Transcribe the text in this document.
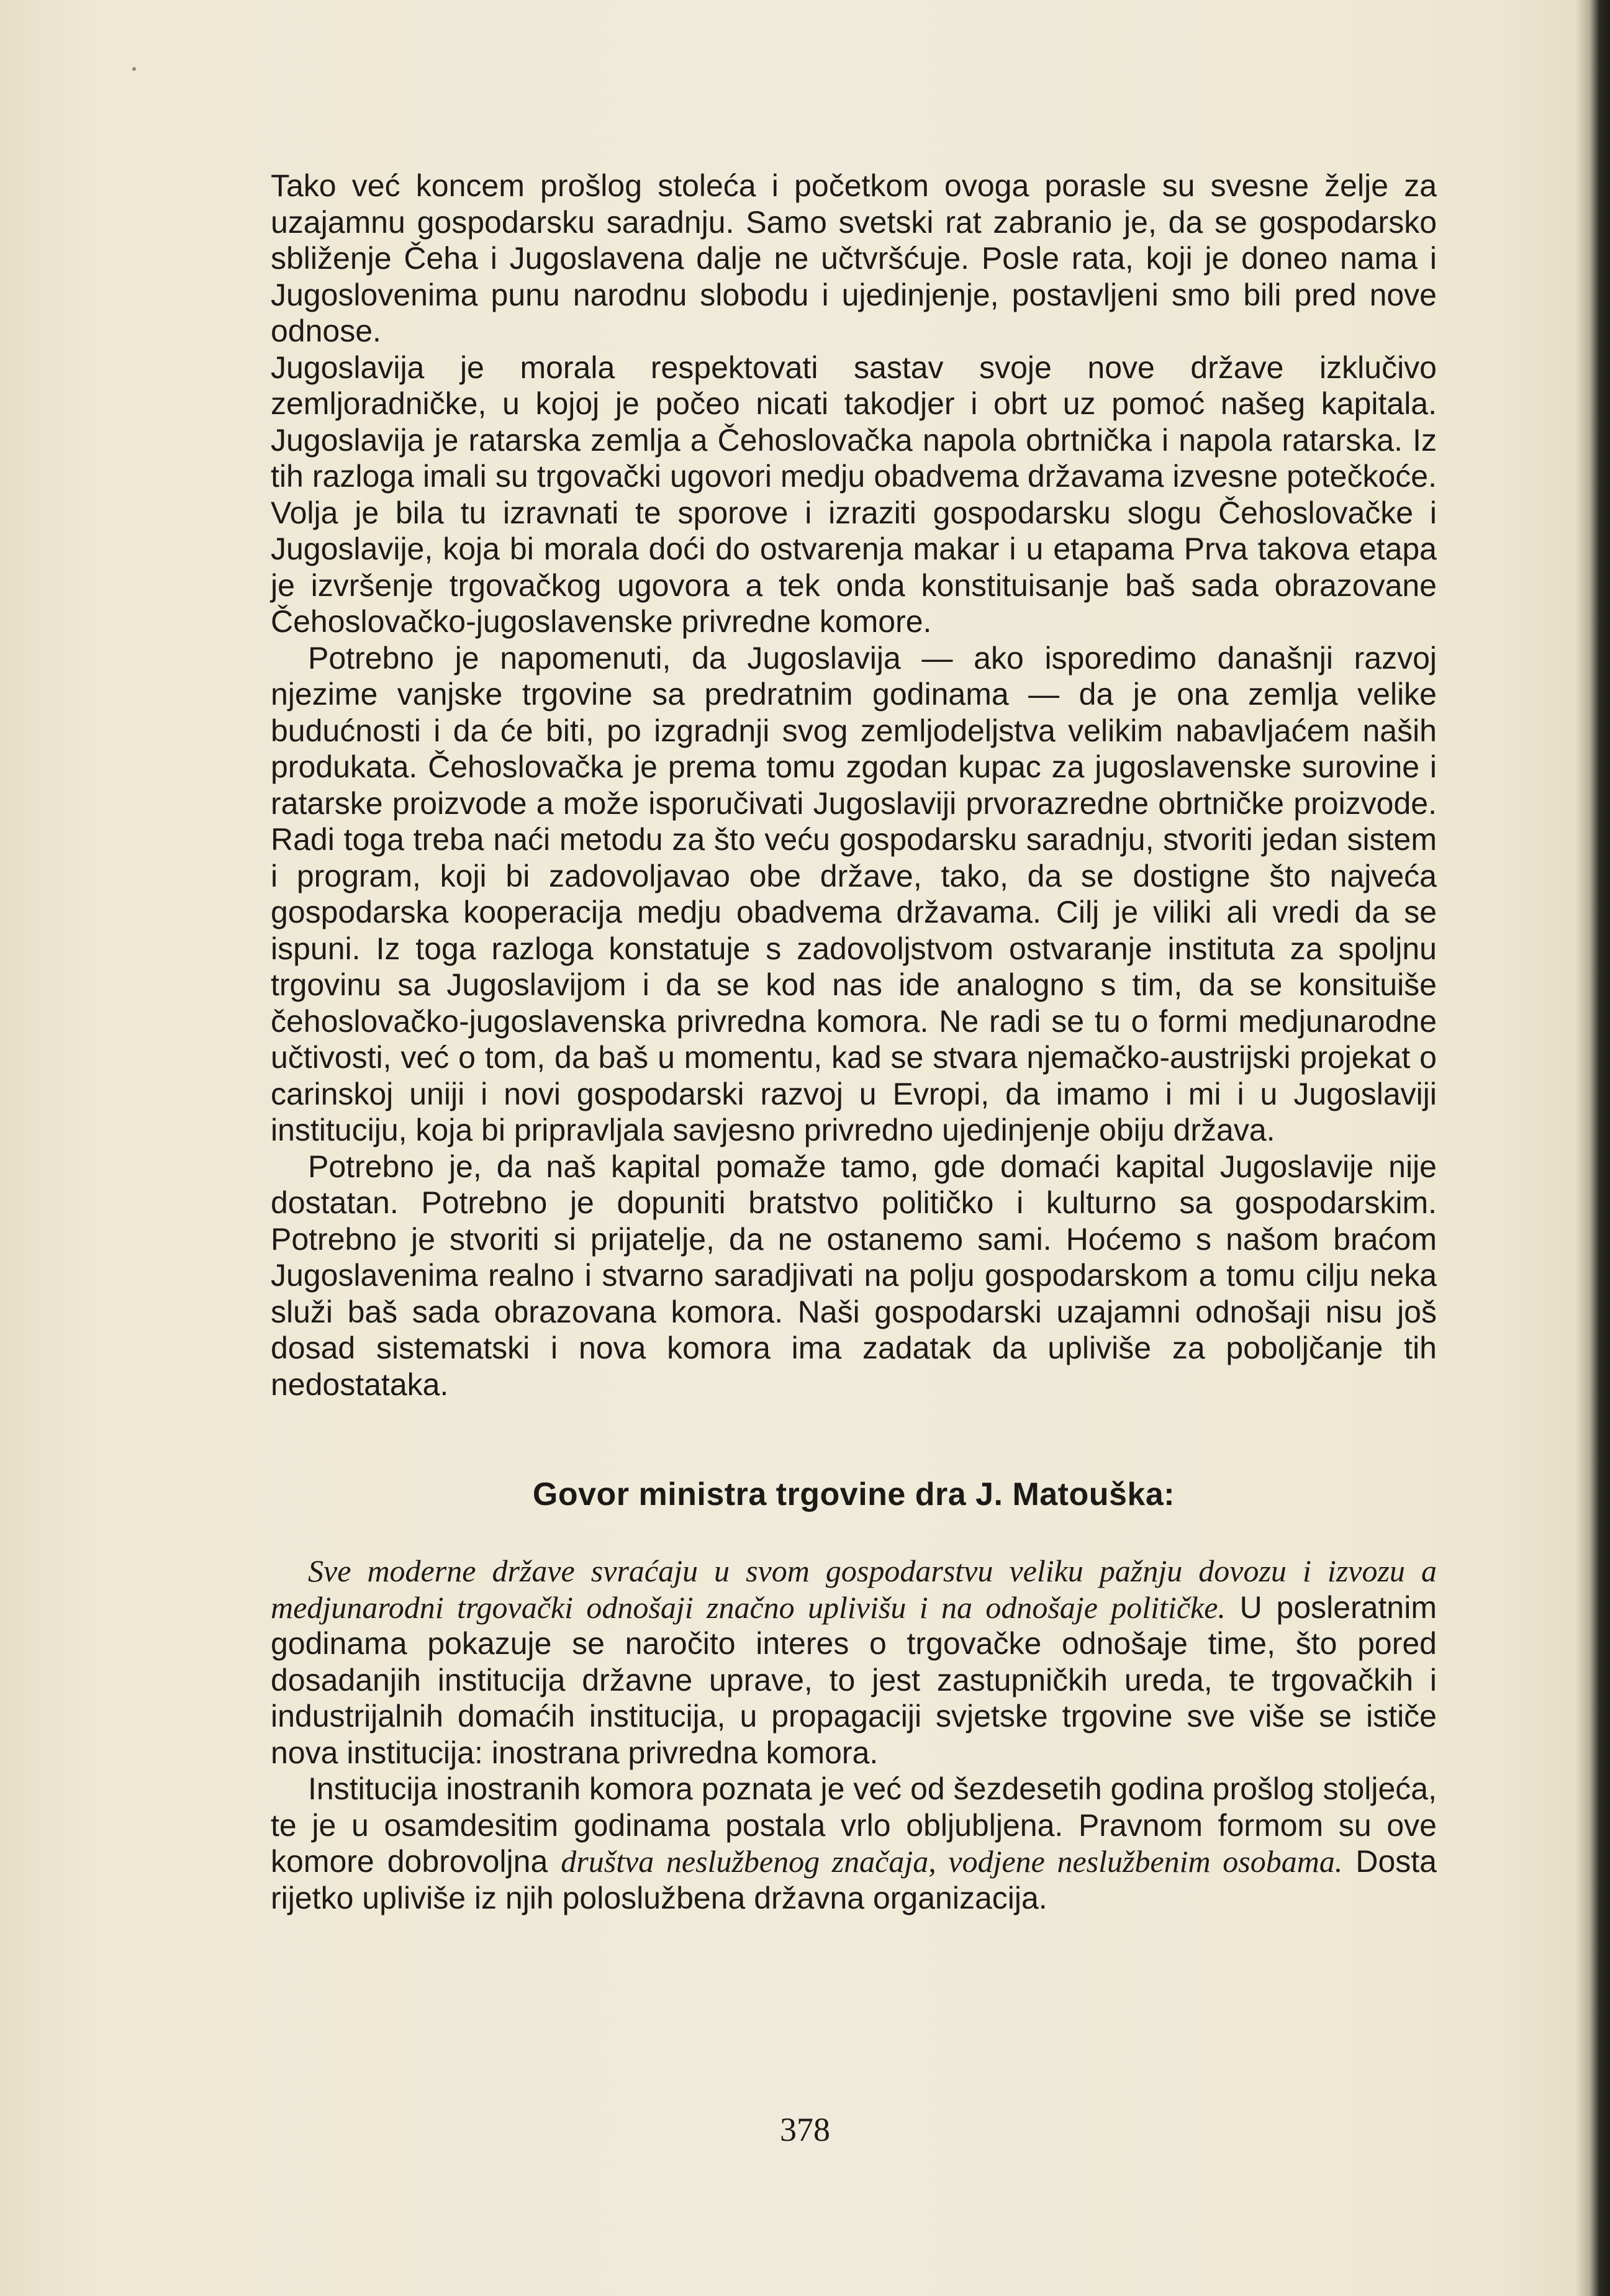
Tako već koncem prošlog stoleća i početkom ovoga porasle su svesne želje za uzajamnu gospodarsku saradnju. Samo svetski rat zabranio je, da se gospodarsko sbliženje Čeha i Jugoslavena dalje ne učtvršćuje. Posle rata, koji je doneo nama i Jugoslovenima punu narodnu slobodu i ujedinjenje, postavljeni smo bili pred nove odnose.

Jugoslavija je morala respektovati sastav svoje nove države izklučivo zemljoradničke, u kojoj je počeo nicati takodjer i obrt uz pomoć našeg kapitala. Jugoslavija je ratarska zemlja a Čehoslovačka napola obrtnička i napola ratarska. Iz tih razloga imali su trgovački ugovori medju obadvema državama izvesne potečkoće. Volja je bila tu izravnati te sporove i izraziti gospodarsku slogu Čehoslovačke i Jugoslavije, koja bi morala doći do ostvarenja makar i u etapama Prva takova etapa je izvršenje trgovačkog ugovora a tek onda konstituisanje baš sada obrazovane Čehoslovačko-jugoslavenske privredne komore.

Potrebno je napomenuti, da Jugoslavija — ako isporedimo današnji razvoj njezime vanjske trgovine sa predratnim godinama — da je ona zemlja velike budućnosti i da će biti, po izgradnji svog zemljodeljstva velikim nabavljaćem naših produkata. Čehoslovačka je prema tomu zgodan kupac za jugoslavenske surovine i ratarske proizvode a može isporučivati Jugoslaviji prvorazredne obrtničke proizvode. Radi toga treba naći metodu za što veću gospodarsku saradnju, stvoriti jedan sistem i program, koji bi zadovoljavao obe države, tako, da se dostigne što najveća gospodarska kooperacija medju obadvema državama. Cilj je viliki ali vredi da se ispuni. Iz toga razloga konstatuje s zadovoljstvom ostvaranje instituta za spoljnu trgovinu sa Jugoslavijom i da se kod nas ide analogno s tim, da se konsituiše čehoslovačko-jugoslavenska privredna komora. Ne radi se tu o formi medjunarodne učtivosti, već o tom, da baš u momentu, kad se stvara njemačko-austrijski projekat o carinskoj uniji i novi gospodarski razvoj u Evropi, da imamo i mi i u Jugoslaviji instituciju, koja bi pripravljala savjesno privredno ujedinjenje obiju država.

Potrebno je, da naš kapital pomaže tamo, gde domaći kapital Jugoslavije nije dostatan. Potrebno je dopuniti bratstvo političko i kulturno sa gospodarskim. Potrebno je stvoriti si prijatelje, da ne ostanemo sami. Hoćemo s našom braćom Jugoslavenima realno i stvarno saradjivati na polju gospodarskom a tomu cilju neka služi baš sada obrazovana komora. Naši gospodarski uzajamni odnošaji nisu još dosad sistematski i nova komora ima zadatak da upliviše za poboljčanje tih nedostataka.

Govor ministra trgovine dra J. Matouška:

Sve moderne države svraćaju u svom gospodarstvu veliku pažnju dovozu i izvozu a medjunarodni trgovački odnošaji značno uplivišu i na odnošaje političke. U posleratnim godinama pokazuje se naročito interes o trgovačke odnošaje time, što pored dosadanjih institucija državne uprave, to jest zastupničkih ureda, te trgovačkih i industrijalnih domaćih institucija, u propagaciji svjetske trgovine sve više se ističe nova institucija: inostrana privredna komora.

Institucija inostranih komora poznata je već od šezdesetih godina prošlog stoljeća, te je u osamdesitim godinama postala vrlo obljubljena. Pravnom formom su ove komore dobrovoljna društva neslužbenog značaja, vodjene neslužbenim osobama. Dosta rijetko upliviše iz njih poloslužbena državna organizacija.

378
